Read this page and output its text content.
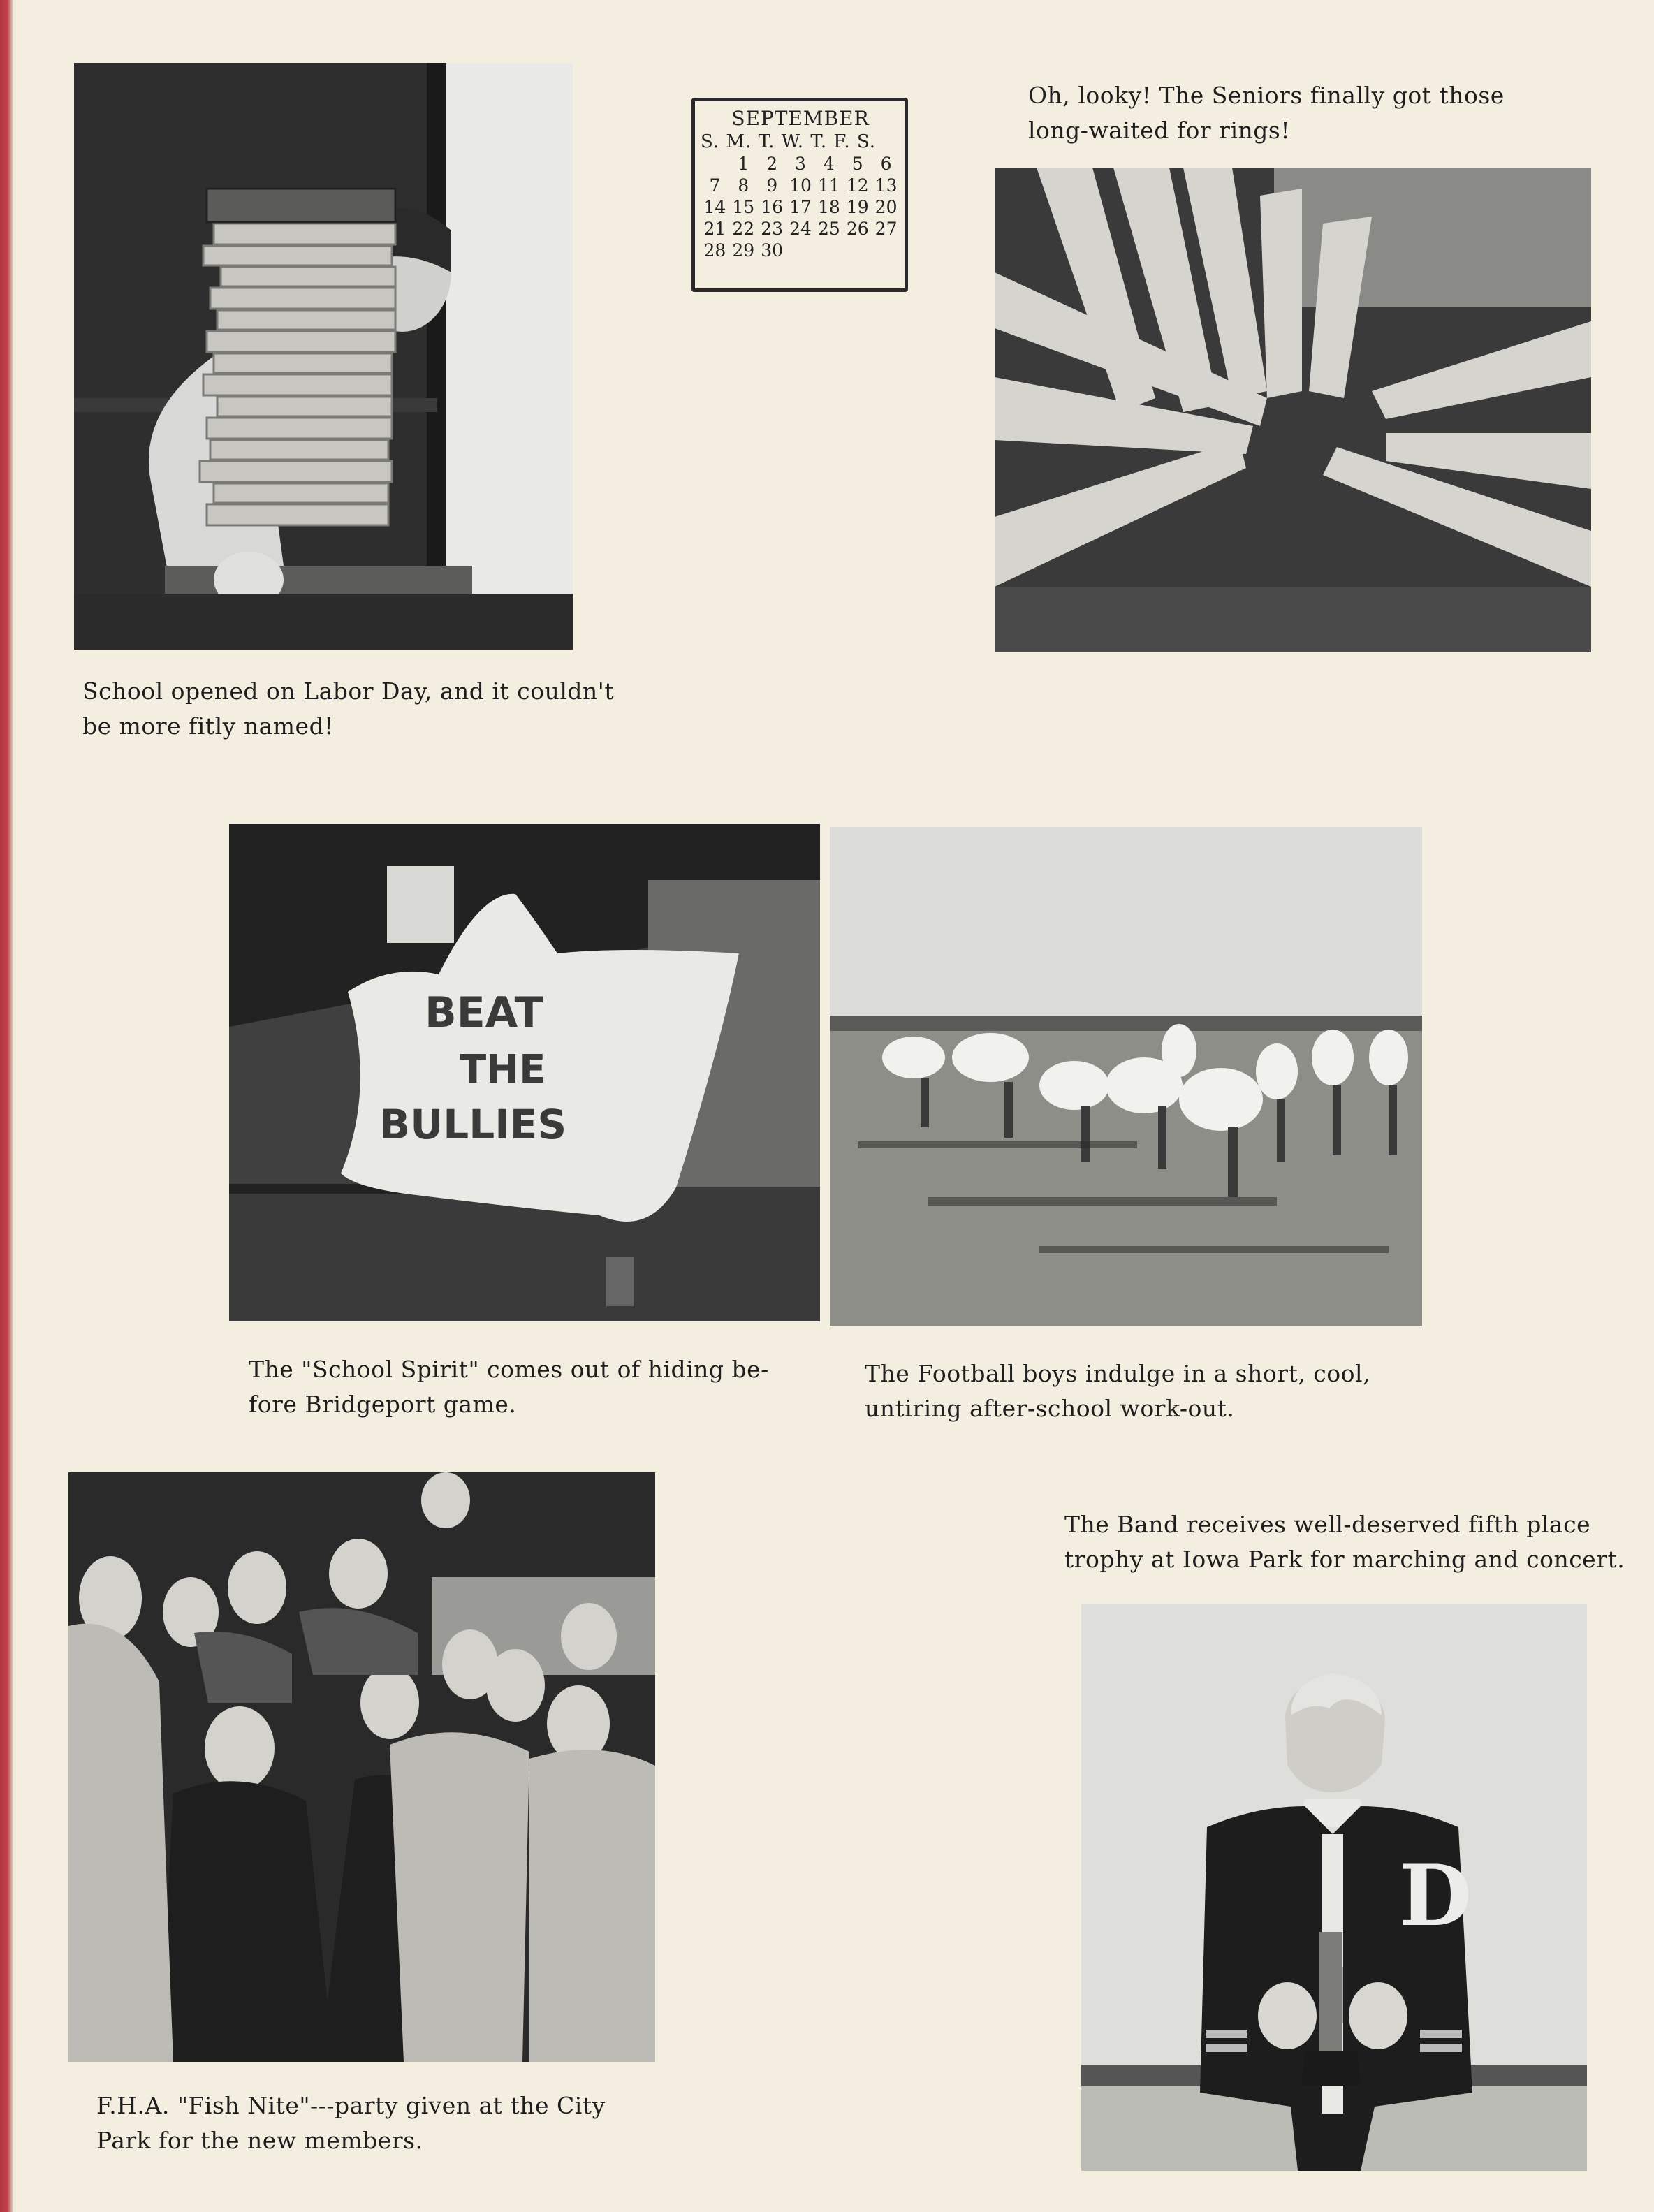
SEPTEMBER
S. M. T. W. T. F. S.
1 2 3 4 5 6
7 8 9 10 11 12 13
14 15 16 17 18 19 20
21 22 23 24 25 26 27
28 29 30
Oh, looky! The Seniors finally got those
long-waited for rings!
School opened on Labor Day, and it couldn't
be more fitly named!
BEAT
THE
BULLIES
The "School Spirit" comes out of hiding be-
fore Bridgeport game.
The Football boys indulge in a short, cool,
untiring after-school work-out.
The Band receives well-deserved fifth place
trophy at Iowa Park for marching and concert.
D
F.H.A. "Fish Nite"---party given at the City
Park for the new members.
